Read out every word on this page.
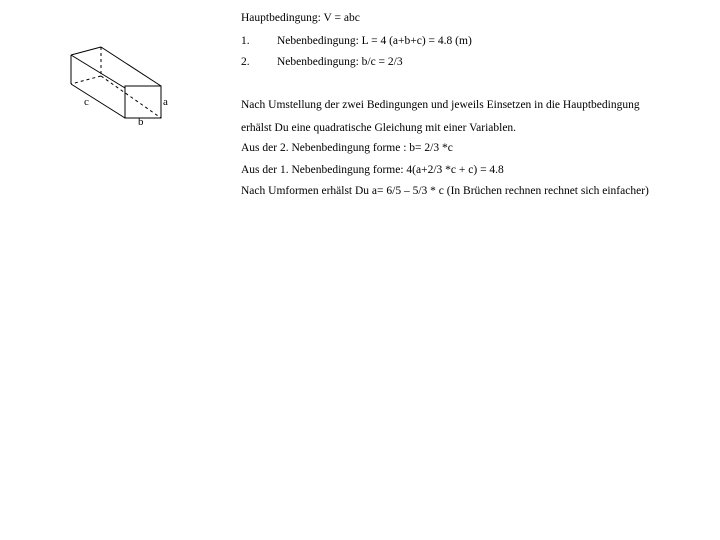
c	a
b
Hauptbedingung: V = abc
1. Nebenbedingung: L = 4 (a+b+c) = 4.8 (m)
2. Nebenbedingung: b/c = 2/3
Nach Umstellung der zwei Bedingungen und jeweils Einsetzen in die Hauptbedingung
erhälst Du eine quadratische Gleichung mit einer Variablen.
Aus der 2. Nebenbedingung forme : b= 2/3 *c
Aus der 1. Nebenbedingung forme: 4(a+2/3 *c + c) = 4.8
Nach Umformen erhälst Du a= 6/5 – 5/3 * c (In Brüchen rechnen rechnet sich einfacher)
